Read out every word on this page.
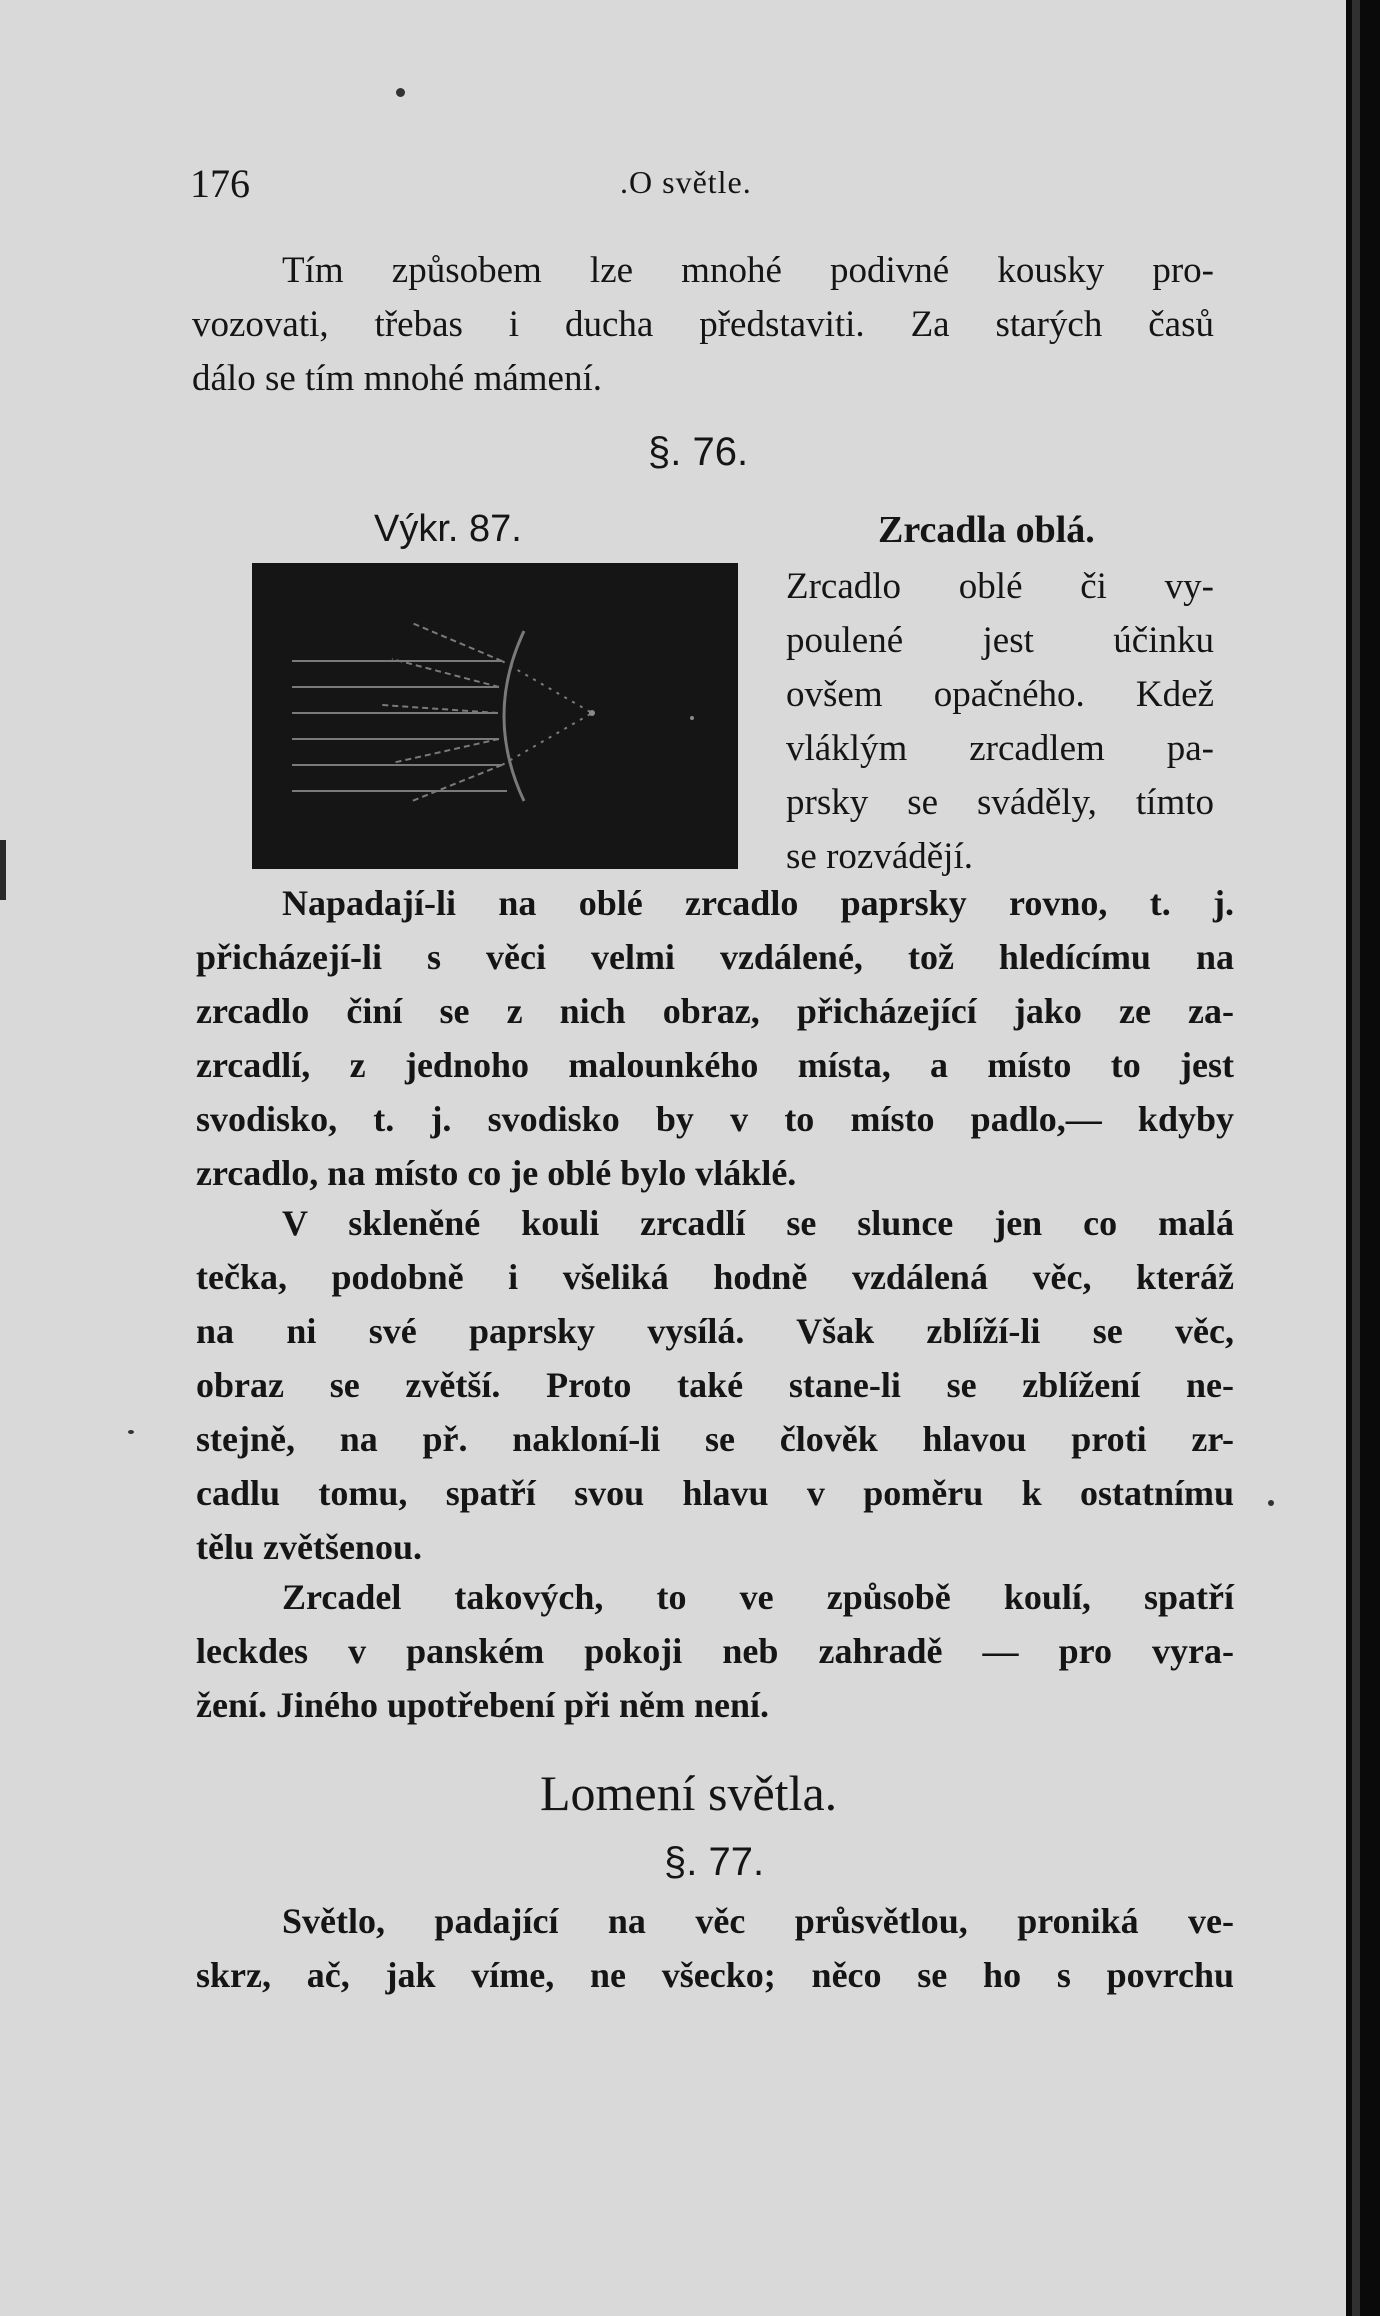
176	.O světle.
Tím způsobem lze mnohé podivné kousky pro-
vozovati, třebas i ducha představiti. Za starých časů
dálo se tím mnohé mámení.
§. 76.
Výkr. 87.	Zrcadla oblá.
Zrcadlo oblé či vy-
poulené jest účinku
ovšem opačného. Kdež
vláklým zrcadlem pa-
prsky se sváděly, tímto
se rozvádějí.
Napadají-li na oblé zrcadlo paprsky rovno, t. j.
přicházejí-li s věci velmi vzdálené, tož hledícímu na
zrcadlo činí se z nich obraz, přicházející jako ze za-
zrcadlí, z jednoho malounkého místa, a místo to jest
svodisko, t. j. svodisko by v to místo padlo,— kdyby
zrcadlo, na místo co je oblé bylo vláklé.
V skleněné kouli zrcadlí se slunce jen co malá
tečka, podobně i všeliká hodně vzdálená věc, kteráž
na ni své paprsky vysílá. Však zblíží-li se věc,
obraz se zvětší. Proto také stane-li se zblížení ne-
stejně, na př. nakloní-li se člověk hlavou proti zr-
cadlu tomu, spatří svou hlavu v poměru k ostatnímu
tělu zvětšenou.
Zrcadel takových, to ve způsobě koulí, spatří
leckdes v panském pokoji neb zahradě — pro vyra-
žení. Jiného upotřebení při něm není.
Lomení světla.
§. 77.
Světlo, padající na věc průsvětlou, proniká ve-
skrz, ač, jak víme, ne všecko; něco se ho s povrchu
